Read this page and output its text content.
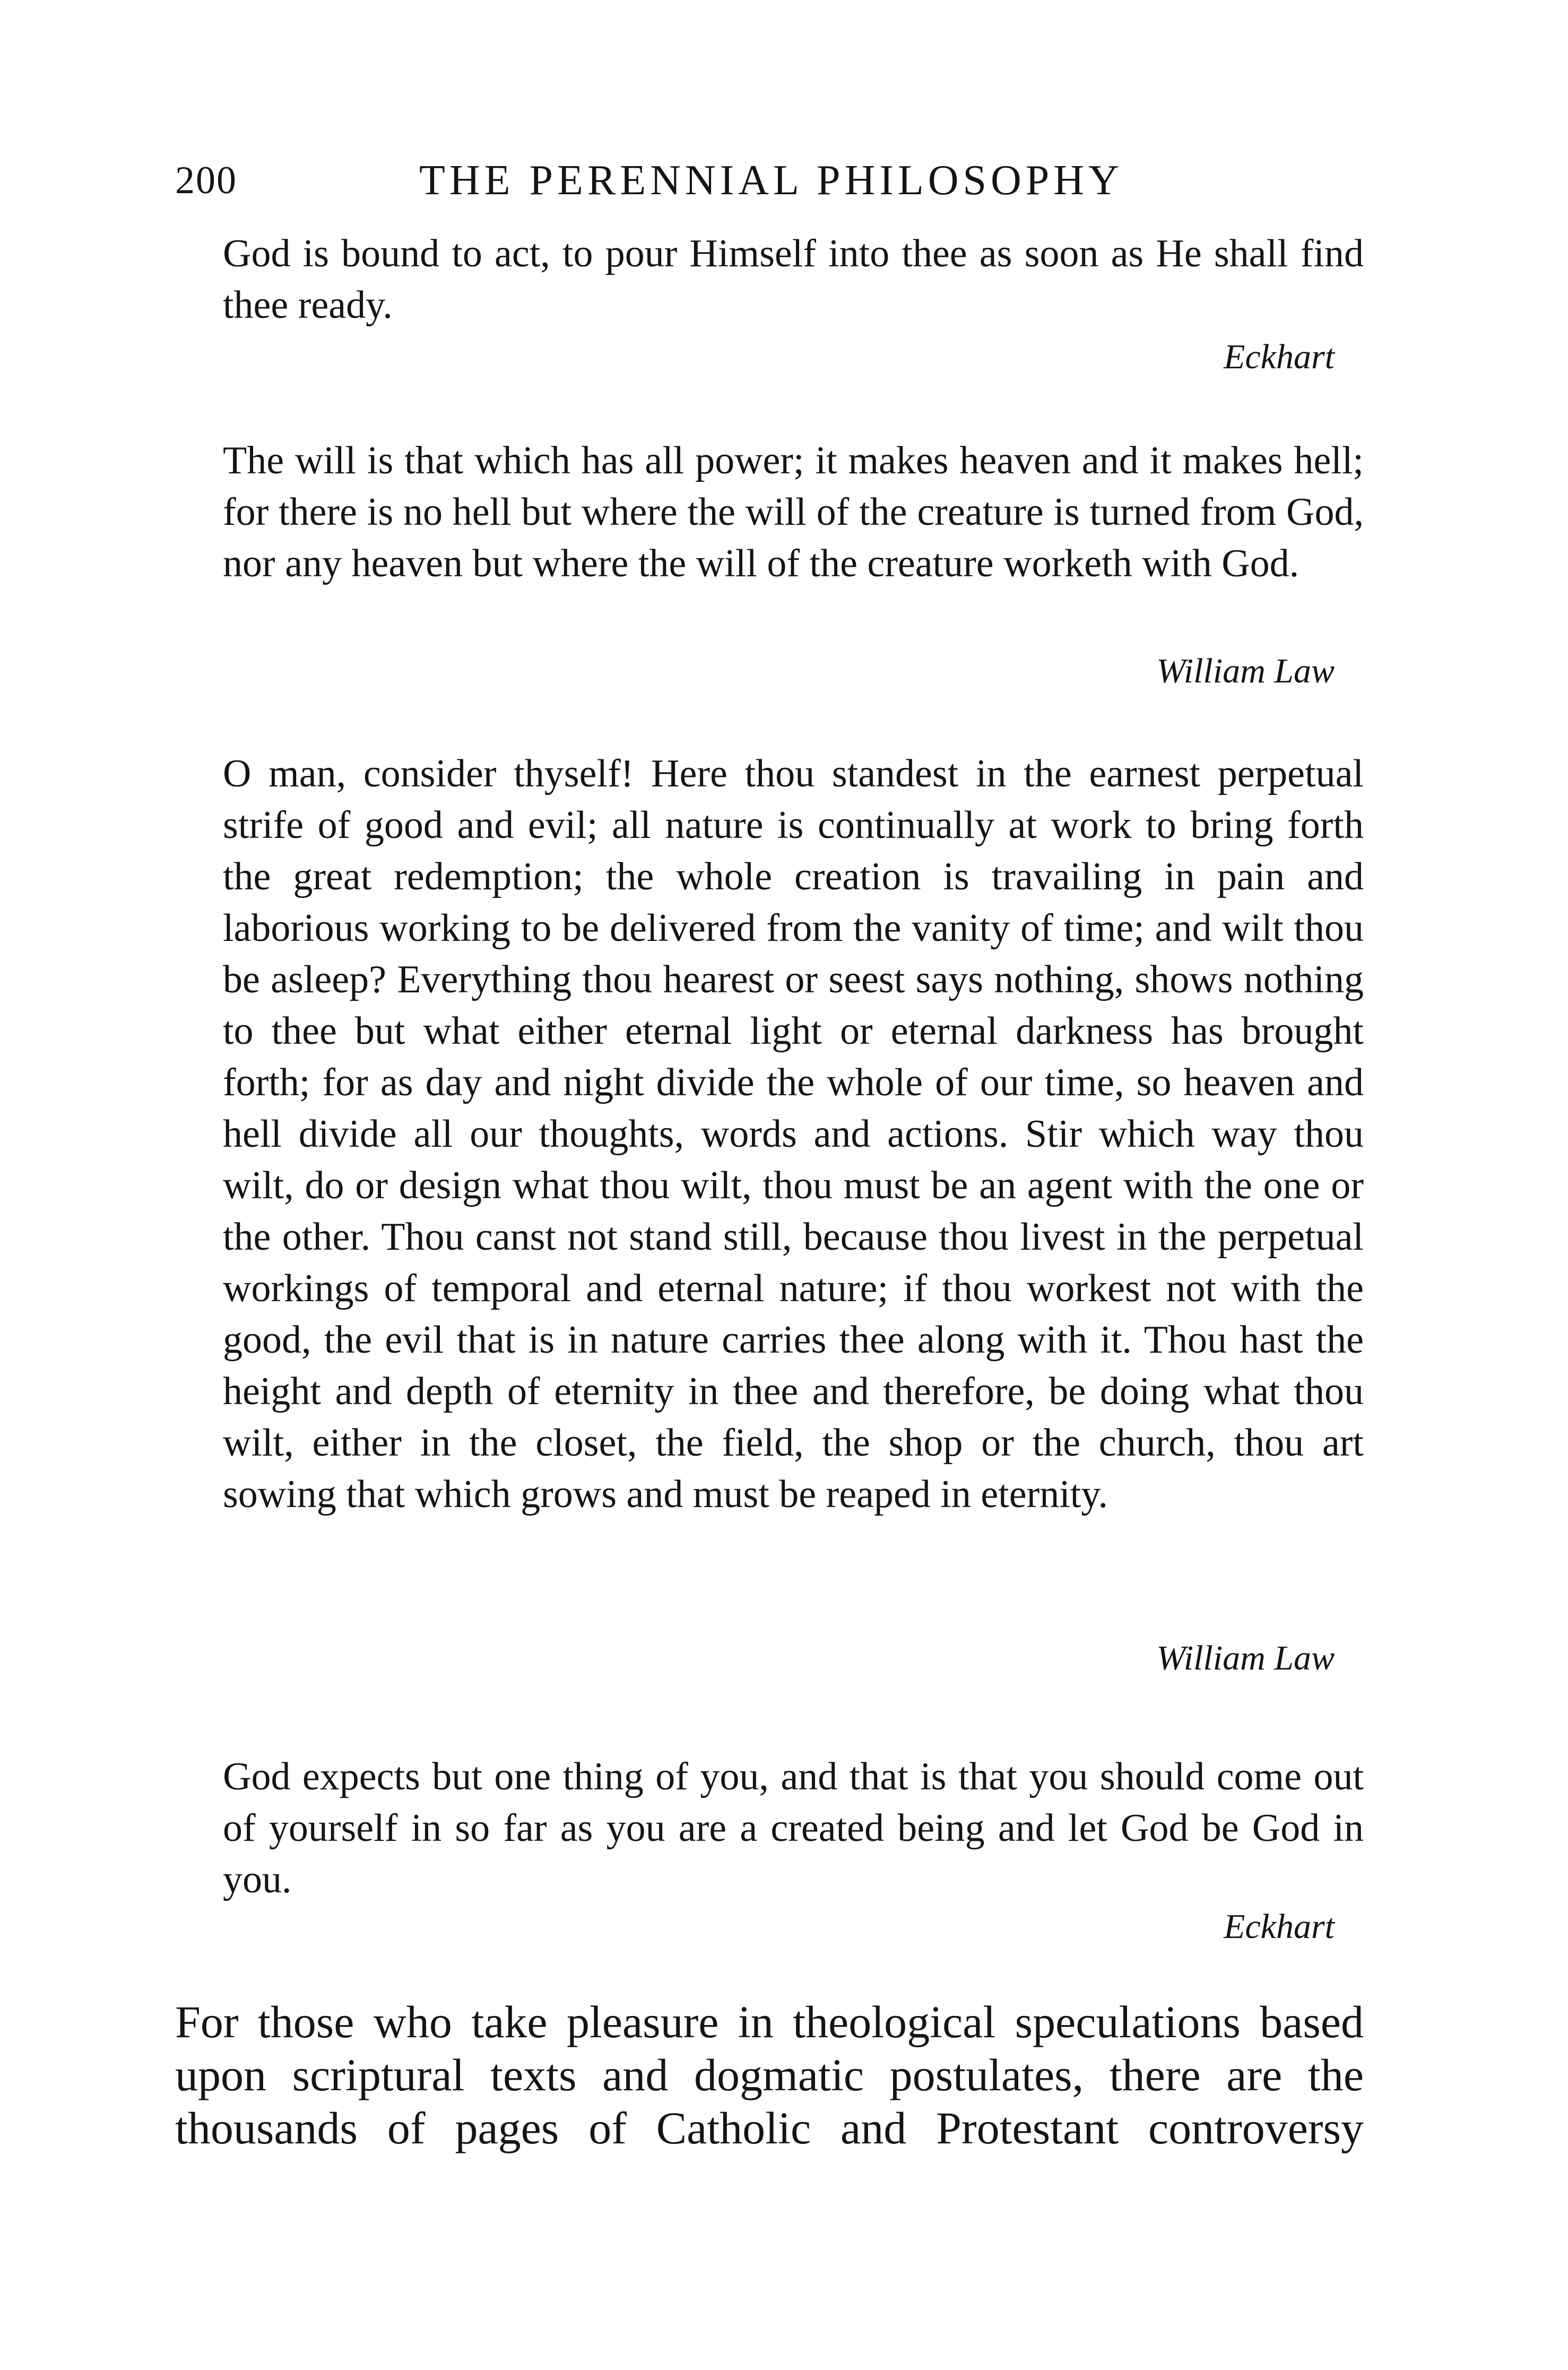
200	THE PERENNIAL PHILOSOPHY

God is bound to act, to pour Himself into thee as soon as He shall find thee ready.

Eckhart

The will is that which has all power; it makes heaven and it makes hell; for there is no hell but where the will of the creature is turned from God, nor any heaven but where the will of the creature worketh with God.

William Law

O man, consider thyself! Here thou standest in the earnest perpetual strife of good and evil; all nature is continually at work to bring forth the great redemption; the whole creation is travailing in pain and laborious working to be delivered from the vanity of time; and wilt thou be asleep? Everything thou hearest or seest says nothing, shows nothing to thee but what either eternal light or eternal darkness has brought forth; for as day and night divide the whole of our time, so heaven and hell divide all our thoughts, words and actions. Stir which way thou wilt, do or design what thou wilt, thou must be an agent with the one or the other. Thou canst not stand still, because thou livest in the perpetual workings of temporal and eternal nature; if thou workest not with the good, the evil that is in nature carries thee along with it. Thou hast the height and depth of eternity in thee and therefore, be doing what thou wilt, either in the closet, the field, the shop or the church, thou art sowing that which grows and must be reaped in eternity.

William Law

God expects but one thing of you, and that is that you should come out of yourself in so far as you are a created being and let God be God in you.

Eckhart

For those who take pleasure in theological speculations based upon scriptural texts and dogmatic postulates, there are the thousands of pages of Catholic and Protestant controversy
